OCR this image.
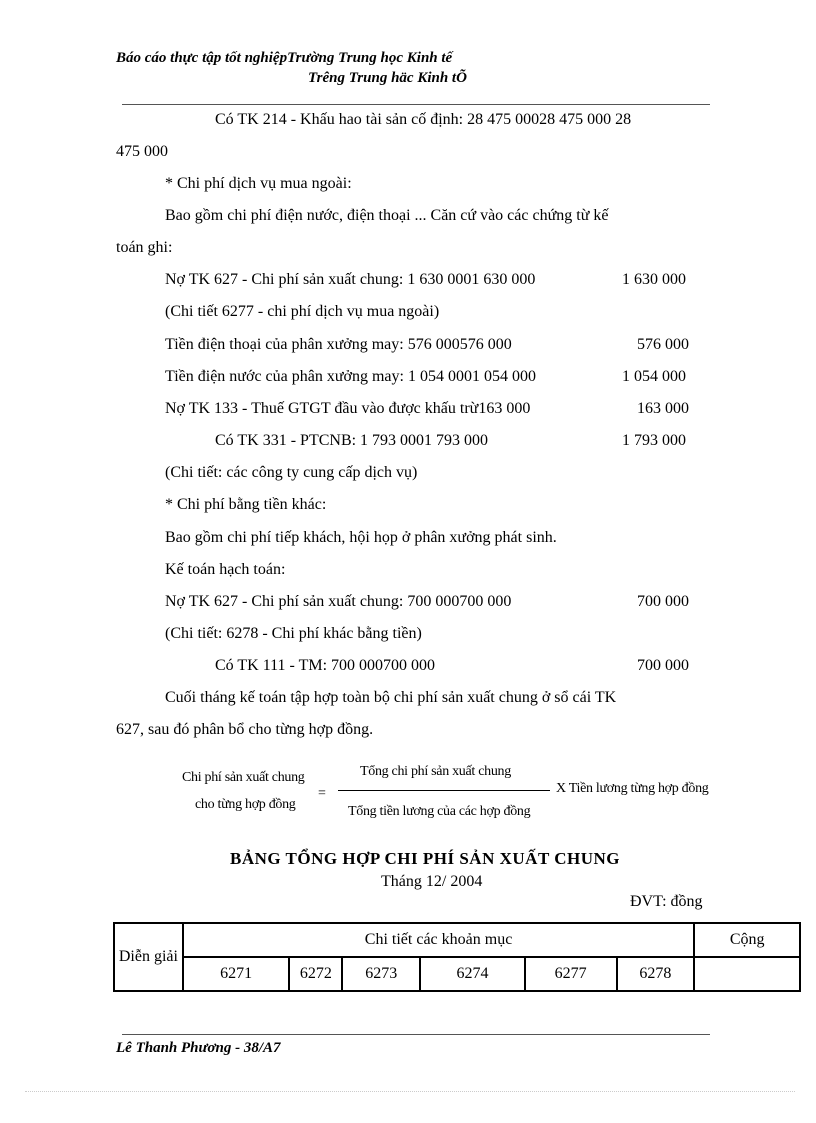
Báo cáo thực tập tốt nghiệpTrường Trung học Kinh tế
Trêng Trung häc Kinh tÕ
Có TK 214 - Khấu hao tài sản cố định: 28 475 00028 475 000 28
475 000
* Chi phí dịch vụ mua ngoài:
Bao gồm chi phí điện nước, điện thoại ... Căn cứ vào các chứng từ kế
toán ghi:
Nợ TK 627 - Chi phí sản xuất chung: 1 630 0001 630 000	1 630 000
(Chi tiết 6277 - chi phí dịch vụ mua ngoài)
Tiền điện thoại của phân xưởng may: 576 000576 000	576 000
Tiền điện nước của phân xưởng may: 1 054 0001 054 000	1 054 000
Nợ TK 133 - Thuế GTGT đầu vào được khấu trừ163 000	163 000
Có TK 331 - PTCNB: 1 793 0001 793 000	1 793 000
(Chi tiết: các công ty cung cấp dịch vụ)
* Chi phí bằng tiền khác:
Bao gồm chi phí tiếp khách, hội họp ở phân xưởng phát sinh.
Kế toán hạch toán:
Nợ TK 627 - Chi phí sản xuất chung: 700 000700 000	700 000
(Chi tiết: 6278 - Chi phí khác bằng tiền)
Có TK 111 - TM: 700 000700 000	700 000
Cuối tháng kế toán tập hợp toàn bộ chi phí sản xuất chung ở sổ cái TK
627, sau đó phân bổ cho từng hợp đồng.
Chi phí sản xuất chung
cho từng hợp đồng
=
Tổng chi phí sản xuất chung
Tổng tiền lương của các hợp đồng
X Tiền lương từng hợp đồng
BẢNG TỔNG HỢP CHI PHÍ SẢN XUẤT CHUNG
Tháng 12/ 2004
ĐVT: đồng
Diễn giải	Chi tiết các khoản mục						Cộng
	6271	6272	6273	6274	6277	6278	
Lê Thanh Phương - 38/A7
